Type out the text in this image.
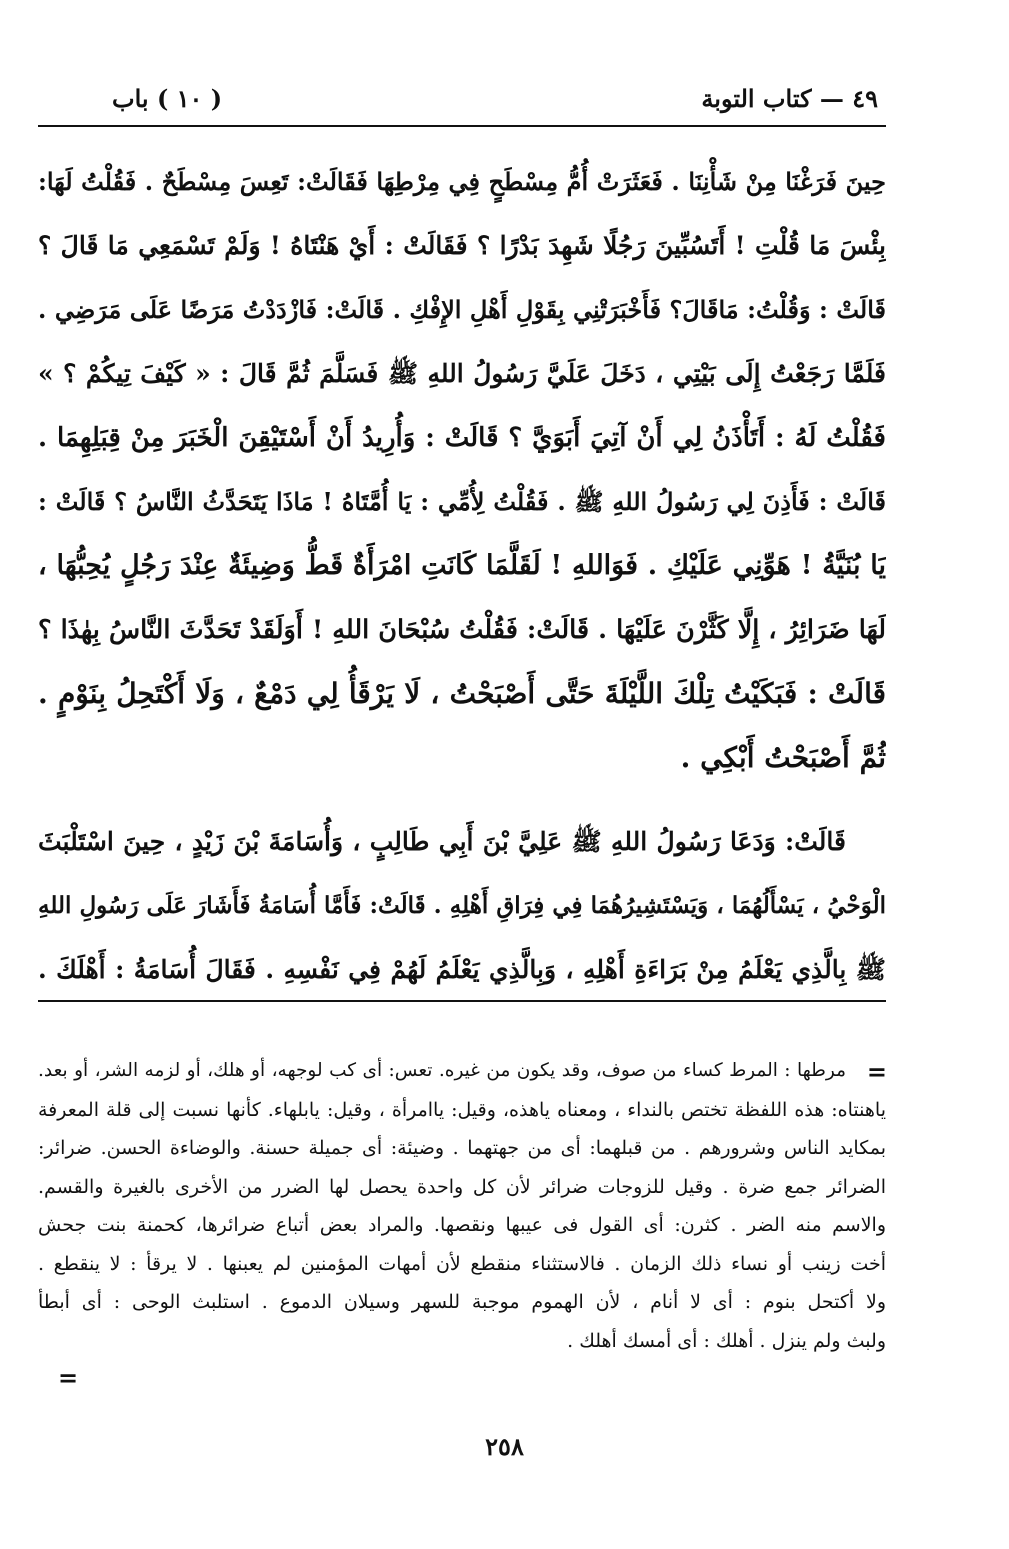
٤٩ — كتاب التوبة
( ١٠ ) باب
حِينَ فَرَغْنَا مِنْ شَأْنِنَا . فَعَثَرَتْ أُمُّ مِسْطَحٍ فِي مِرْطِهَا فَقَالَتْ: تَعِسَ مِسْطَحٌ . فَقُلْتُ لَهَا:
بِئْسَ مَا قُلْتِ ! أَتَسُبِّينَ رَجُلًا شَهِدَ بَدْرًا ؟ فَقَالَتْ : أَيْ هَنْتَاهُ ! وَلَمْ تَسْمَعِي مَا قَالَ ؟
قَالَتْ : وَقُلْتُ: مَاقَالَ؟ فَأَخْبَرَتْنِي بِقَوْلِ أَهْلِ الإِفْكِ . قَالَتْ: فَازْدَدْتُ مَرَضًا عَلَى مَرَضِي .
فَلَمَّا رَجَعْتُ إِلَى بَيْتِي ، دَخَلَ عَلَيَّ رَسُولُ اللهِ ﷺ فَسَلَّمَ ثُمَّ قَالَ : « كَيْفَ تِيكُمْ ؟ »
فَقُلْتُ لَهُ : أَتَأْذَنُ لِي أَنْ آتِيَ أَبَوَيَّ ؟ قَالَتْ : وَأُرِيدُ أَنْ أَسْتَيْقِنَ الْخَبَرَ مِنْ قِبَلِهِمَا .
قَالَتْ : فَأَذِنَ لِي رَسُولُ اللهِ ﷺ . فَقُلْتُ لِأُمِّي : يَا أُمَّتَاهُ ! مَاذَا يَتَحَدَّثُ النَّاسُ ؟ قَالَتْ :
يَا بُنَيَّةُ ! هَوِّنِي عَلَيْكِ . فَوَاللهِ ! لَقَلَّمَا كَانَتِ امْرَأَةٌ قَطُّ وَضِيئَةٌ عِنْدَ رَجُلٍ يُحِبُّهَا ،
لَهَا ضَرَائِرُ ، إِلَّا كَثَّرْنَ عَلَيْهَا . قَالَتْ: فَقُلْتُ سُبْحَانَ اللهِ ! أَوَلَقَدْ تَحَدَّثَ النَّاسُ بِهٰذَا ؟
قَالَتْ : فَبَكَيْتُ تِلْكَ اللَّيْلَةَ حَتَّى أَصْبَحْتُ ، لَا يَرْقَأُ لِي دَمْعٌ ، وَلَا أَكْتَحِلُ بِنَوْمٍ .
ثُمَّ أَصْبَحْتُ أَبْكِي .
قَالَتْ: وَدَعَا رَسُولُ اللهِ ﷺ عَلِيَّ بْنَ أَبِي طَالِبٍ ، وَأُسَامَةَ بْنَ زَيْدٍ ، حِينَ اسْتَلْبَثَ
الْوَحْيُ ، يَسْأَلُهُمَا ، وَيَسْتَشِيرُهُمَا فِي فِرَاقِ أَهْلِهِ . قَالَتْ: فَأَمَّا أُسَامَةُ فَأَشَارَ عَلَى رَسُولِ اللهِ
ﷺ بِالَّذِي يَعْلَمُ مِنْ بَرَاءَةِ أَهْلِهِ ، وَبِالَّذِي يَعْلَمُ لَهُمْ فِي نَفْسِهِ . فَقَالَ أُسَامَةُ : أَهْلَكَ .
=
مرطها : المرط كساء من صوف، وقد يكون من غيره. تعس: أى كب لوجهه، أو هلك، أو لزمه الشر، أو بعد.
ياهنتاه: هذه اللفظة تختص بالنداء ، ومعناه ياهذه، وقيل: ياامرأة ، وقيل: يابلهاء. كأنها نسبت إلى قلة المعرفة
بمكايد الناس وشرورهم . من قبلهما: أى من جهتهما . وضيئة: أى جميلة حسنة. والوضاءة الحسن. ضرائر:
الضرائر جمع ضرة . وقيل للزوجات ضرائر لأن كل واحدة يحصل لها الضرر من الأخرى بالغيرة والقسم.
والاسم منه الضر . كثرن: أى القول فى عيبها ونقصها. والمراد بعض أتباع ضرائرها، كحمنة بنت جحش
أخت زينب أو نساء ذلك الزمان . فالاستثناء منقطع لأن أمهات المؤمنين لم يعبنها . لا يرقأ : لا ينقطع .
ولا أكتحل بنوم : أى لا أنام ، لأن الهموم موجبة للسهر وسيلان الدموع . استلبث الوحى : أى أبطأ
ولبث ولم ينزل . أهلك : أى أمسك أهلك .
=
٢٥٨
